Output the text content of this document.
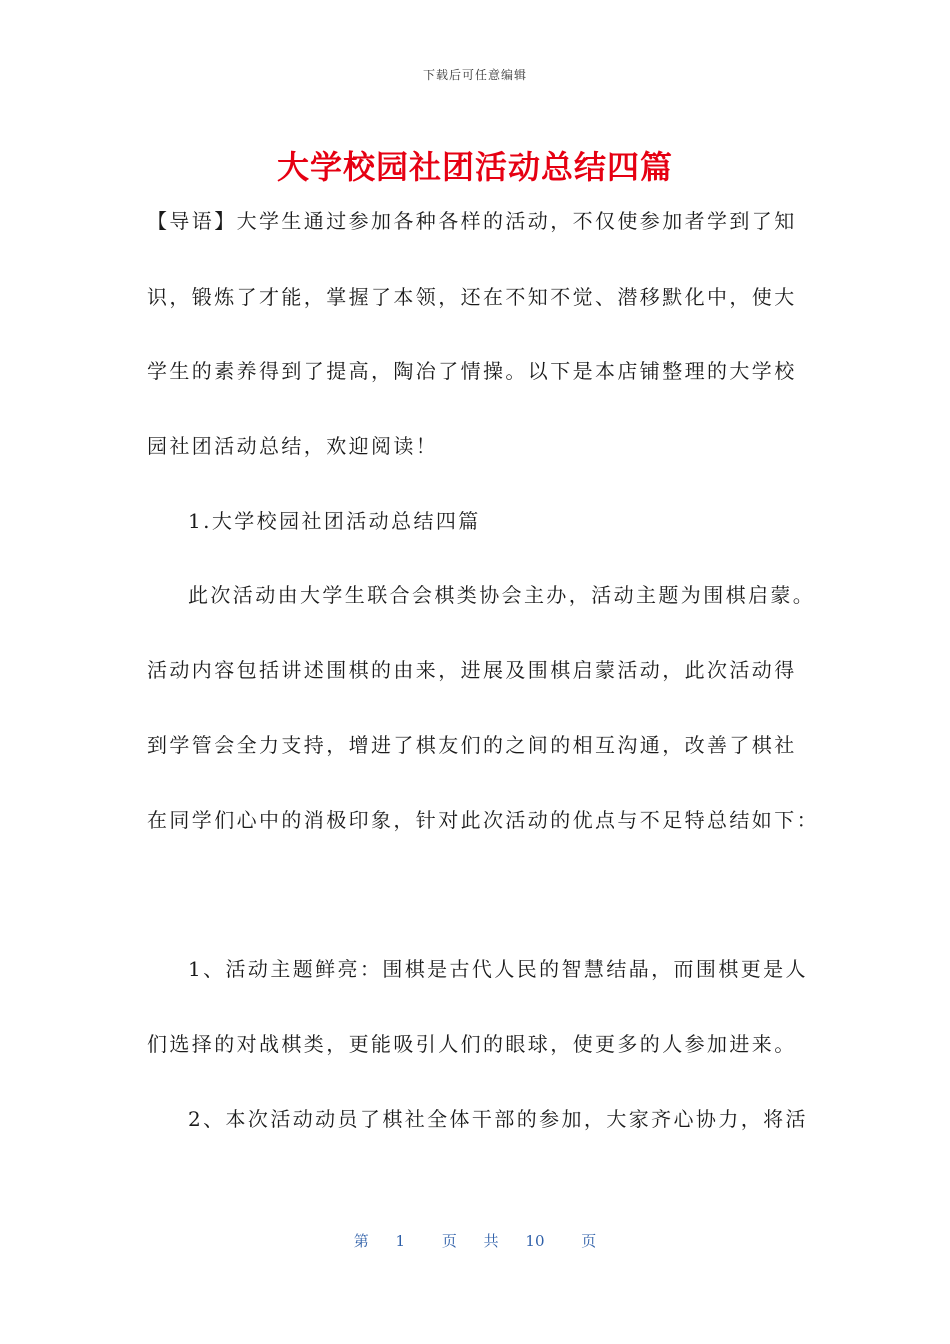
下载后可任意编辑
大学校园社团活动总结四篇
【导语】大学生通过参加各种各样的活动，不仅使参加者学到了知
识，锻炼了才能，掌握了本领，还在不知不觉、潜移默化中，使大
学生的素养得到了提高，陶冶了情操。以下是本店铺整理的大学校
园社团活动总结，欢迎阅读！
1.大学校园社团活动总结四篇
此次活动由大学生联合会棋类协会主办，活动主题为围棋启蒙。
活动内容包括讲述围棋的由来，进展及围棋启蒙活动，此次活动得
到学管会全力支持，增进了棋友们的之间的相互沟通，改善了棋社
在同学们心中的消极印象，针对此次活动的优点与不足特总结如下：
1、活动主题鲜亮：围棋是古代人民的智慧结晶，而围棋更是人
们选择的对战棋类，更能吸引人们的眼球，使更多的人参加进来。
2、本次活动动员了棋社全体干部的参加，大家齐心协力，将活
第 1 页 共 10 页
